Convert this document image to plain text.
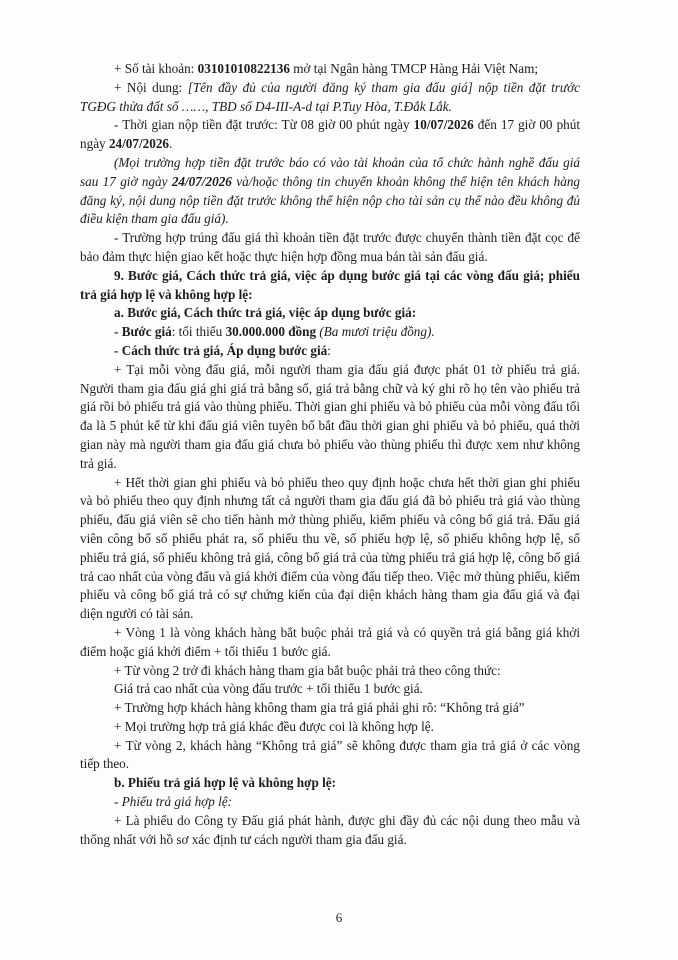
+ Số tài khoản: 03101010822136 mở tại Ngân hàng TMCP Hàng Hải Việt Nam;

+ Nội dung: [Tên đầy đủ của người đăng ký tham gia đấu giá] nộp tiền đặt trước TGĐG thửa đất số ……, TBD số D4-III-A-d tại P.Tuy Hòa, T.Đắk Lắk.

- Thời gian nộp tiền đặt trước: Từ 08 giờ 00 phút ngày 10/07/2026 đến 17 giờ 00 phút ngày 24/07/2026.

(Mọi trường hợp tiền đặt trước báo có vào tài khoản của tổ chức hành nghề đấu giá sau 17 giờ ngày 24/07/2026 và/hoặc thông tin chuyển khoản không thể hiện tên khách hàng đăng ký, nội dung nộp tiền đặt trước không thể hiện nộp cho tài sản cụ thể nào đều không đủ điều kiện tham gia đấu giá).

- Trường hợp trúng đấu giá thì khoản tiền đặt trước được chuyển thành tiền đặt cọc để bảo đảm thực hiện giao kết hoặc thực hiện hợp đồng mua bán tài sản đấu giá.

9. Bước giá, Cách thức trả giá, việc áp dụng bước giá tại các vòng đấu giá; phiếu trả giá hợp lệ và không hợp lệ:

a. Bước giá, Cách thức trả giá, việc áp dụng bước giá:

- Bước giá: tối thiểu 30.000.000 đồng (Ba mươi triệu đồng).

- Cách thức trả giá, Áp dụng bước giá:

+ Tại mỗi vòng đấu giá, mỗi người tham gia đấu giá được phát 01 tờ phiếu trả giá. Người tham gia đấu giá ghi giá trả bằng số, giá trả bằng chữ và ký ghi rõ họ tên vào phiếu trả giá rồi bỏ phiếu trả giá vào thùng phiếu. Thời gian ghi phiếu và bỏ phiếu của mỗi vòng đấu tối đa là 5 phút kể từ khi đấu giá viên tuyên bố bắt đầu thời gian ghi phiếu và bỏ phiếu, quá thời gian này mà người tham gia đấu giá chưa bỏ phiếu vào thùng phiếu thì được xem như không trả giá.

+ Hết thời gian ghi phiếu và bỏ phiếu theo quy định hoặc chưa hết thời gian ghi phiếu và bỏ phiếu theo quy định nhưng tất cả người tham gia đấu giá đã bỏ phiếu trả giá vào thùng phiếu, đấu giá viên sẽ cho tiến hành mở thùng phiếu, kiểm phiếu và công bố giá trả. Đấu giá viên công bố số phiếu phát ra, số phiếu thu về, số phiếu hợp lệ, số phiếu không hợp lệ, số phiếu trả giá, số phiếu không trả giá, công bố giá trả của từng phiếu trả giá hợp lệ, công bố giá trả cao nhất của vòng đấu và giá khởi điểm của vòng đấu tiếp theo. Việc mở thùng phiếu, kiểm phiếu và công bố giá trả có sự chứng kiến của đại diện khách hàng tham gia đấu giá và đại diện người có tài sản.

+ Vòng 1 là vòng khách hàng bắt buộc phải trả giá và có quyền trả giá bằng giá khởi điểm hoặc giá khởi điểm + tối thiểu 1 bước giá.

+ Từ vòng 2 trở đi khách hàng tham gia bắt buộc phải trả theo công thức:

Giá trả cao nhất của vòng đấu trước + tối thiểu 1 bước giá.

+ Trường hợp khách hàng không tham gia trả giá phải ghi rõ: “Không trả giá”

+ Mọi trường hợp trả giá khác đều được coi là không hợp lệ.

+ Từ vòng 2, khách hàng “Không trả giá” sẽ không được tham gia trả giá ở các vòng tiếp theo.

b. Phiếu trả giá hợp lệ và không hợp lệ:

- Phiếu trả giá hợp lệ:

+ Là phiếu do Công ty Đấu giá phát hành, được ghi đầy đủ các nội dung theo mẫu và thống nhất với hồ sơ xác định tư cách người tham gia đấu giá.

6
